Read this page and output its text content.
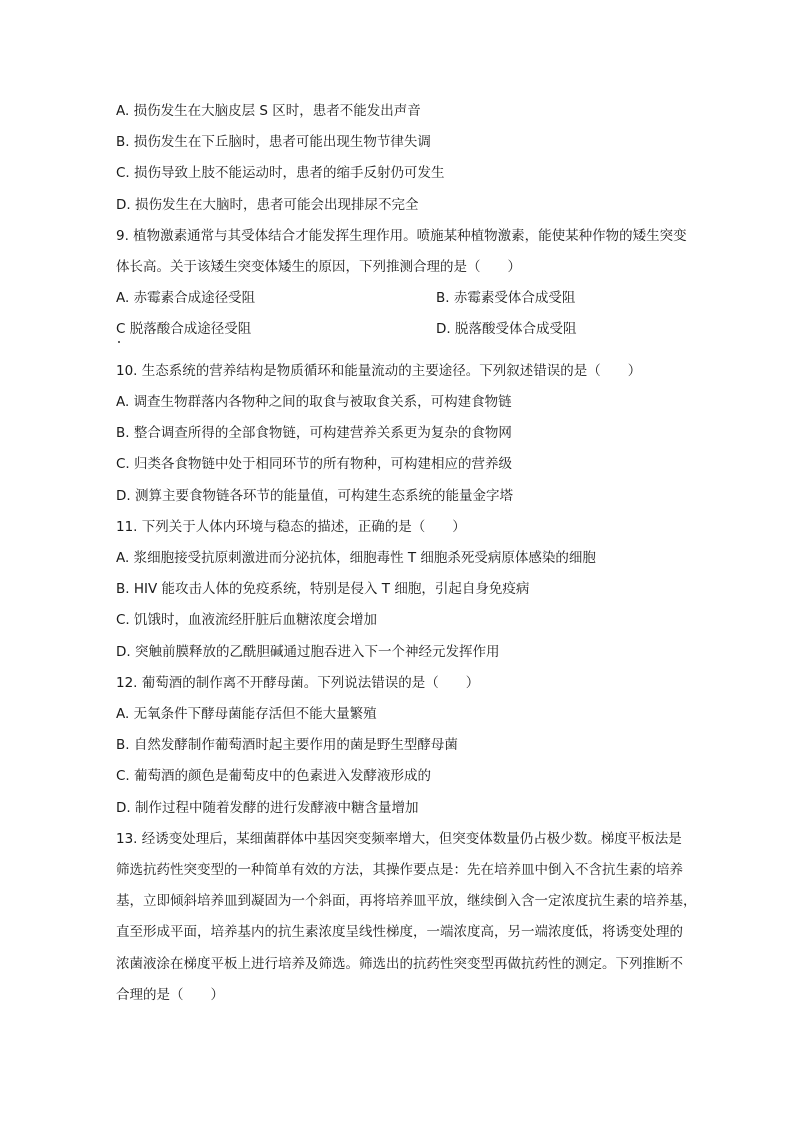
A. 损伤发生在大脑皮层 S 区时，患者不能发出声音
B. 损伤发生在下丘脑时，患者可能出现生物节律失调
C. 损伤导致上肢不能运动时，患者的缩手反射仍可发生
D. 损伤发生在大脑时，患者可能会出现排尿不完全
9. 植物激素通常与其受体结合才能发挥生理作用。喷施某种植物激素，能使某种作物的矮生突变
体长高。关于该矮生突变体矮生的原因，下列推测合理的是（　　）
A. 赤霉素合成途径受阻	B. 赤霉素受体合成受阻
C 脱落酸合成途径受阻	D. 脱落酸受体合成受阻
10. 生态系统的营养结构是物质循环和能量流动的主要途径。下列叙述错误的是（　　）
A. 调查生物群落内各物种之间的取食与被取食关系，可构建食物链
B. 整合调查所得的全部食物链，可构建营养关系更为复杂的食物网
C. 归类各食物链中处于相同环节的所有物种，可构建相应的营养级
D. 测算主要食物链各环节的能量值，可构建生态系统的能量金字塔
11. 下列关于人体内环境与稳态的描述，正确的是（　　）
A. 浆细胞接受抗原刺激进而分泌抗体，细胞毒性 T 细胞杀死受病原体感染的细胞
B. HIV 能攻击人体的免疫系统，特别是侵入 T 细胞，引起自身免疫病
C. 饥饿时，血液流经肝脏后血糖浓度会增加
D. 突触前膜释放的乙酰胆碱通过胞吞进入下一个神经元发挥作用
12. 葡萄酒的制作离不开酵母菌。下列说法错误的是（　　）
A. 无氧条件下酵母菌能存活但不能大量繁殖
B. 自然发酵制作葡萄酒时起主要作用的菌是野生型酵母菌
C. 葡萄酒的颜色是葡萄皮中的色素进入发酵液形成的
D. 制作过程中随着发酵的进行发酵液中糖含量增加
13. 经诱变处理后，某细菌群体中基因突变频率增大，但突变体数量仍占极少数。梯度平板法是
筛选抗药性突变型的一种简单有效的方法，其操作要点是：先在培养皿中倒入不含抗生素的培养
基，立即倾斜培养皿到凝固为一个斜面，再将培养皿平放，继续倒入含一定浓度抗生素的培养基，
直至形成平面，培养基内的抗生素浓度呈线性梯度，一端浓度高，另一端浓度低，将诱变处理的
浓菌液涂在梯度平板上进行培养及筛选。筛选出的抗药性突变型再做抗药性的测定。下列推断不
合理的是（　　）
